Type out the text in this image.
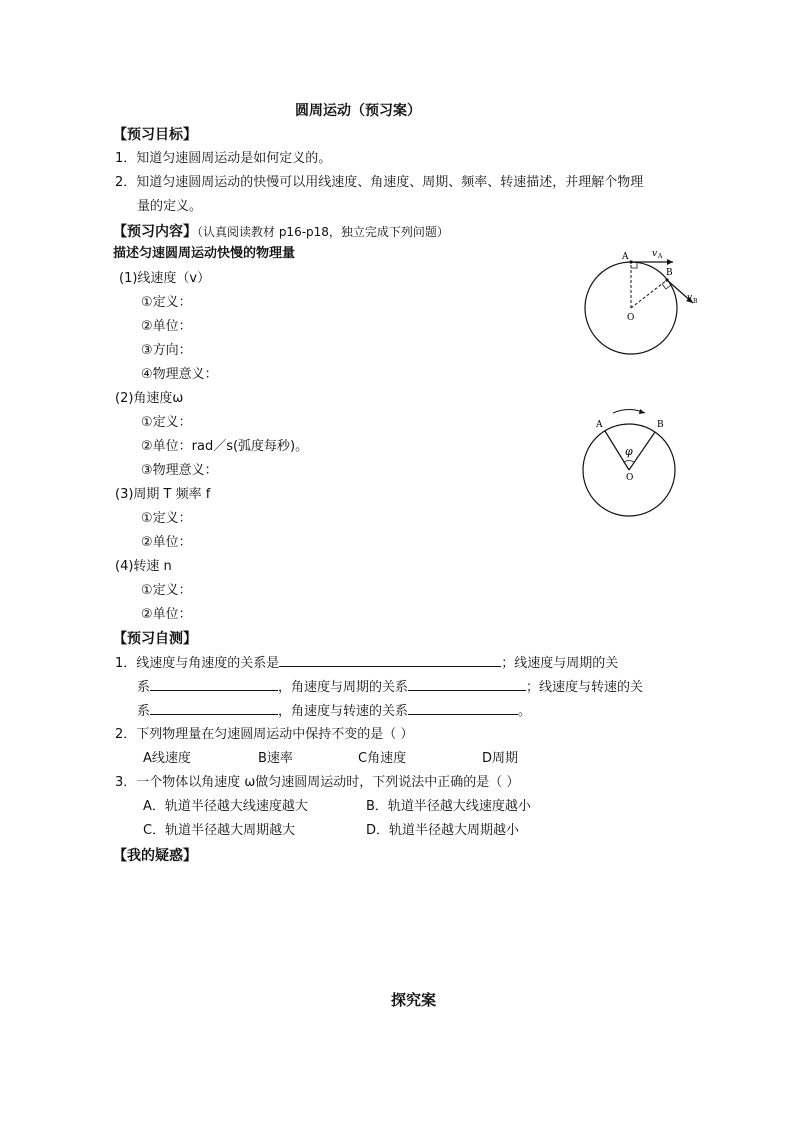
圆周运动（预习案）
【预习目标】
1．知道匀速圆周运动是如何定义的。
2．知道匀速圆周运动的快慢可以用线速度、角速度、周期、频率、转速描述，并理解个物理
量的定义。
【预习内容】（认真阅读教材 p16-p18，独立完成下列问题）
描述匀速圆周运动快慢的物理量
(1)线速度（v）
①定义：
②单位：
③方向：
④物理意义：
(2)角速度ω
①定义：
②单位：rad／s(弧度每秒)。
③物理意义：
(3)周期 T 频率 f
①定义：
②单位：
(4)转速 n
①定义：
②单位：
A
B
O
v A
v B
A	B
O
φ
【预习自测】
1．线速度与角速度的关系是	；线速度与周期的关
系	，角速度与周期的关系	；线速度与转速的关
系	，角速度与转速的关系	。
2．下列物理量在匀速圆周运动中保持不变的是（ ）
A线速度	B速率	C角速度	D周期
3．一个物体以角速度 ω做匀速圆周运动时，下列说法中正确的是（ ）
A．轨道半径越大线速度越大	B．轨道半径越大线速度越小
C．轨道半径越大周期越大	D．轨道半径越大周期越小
【我的疑惑】
探究案
